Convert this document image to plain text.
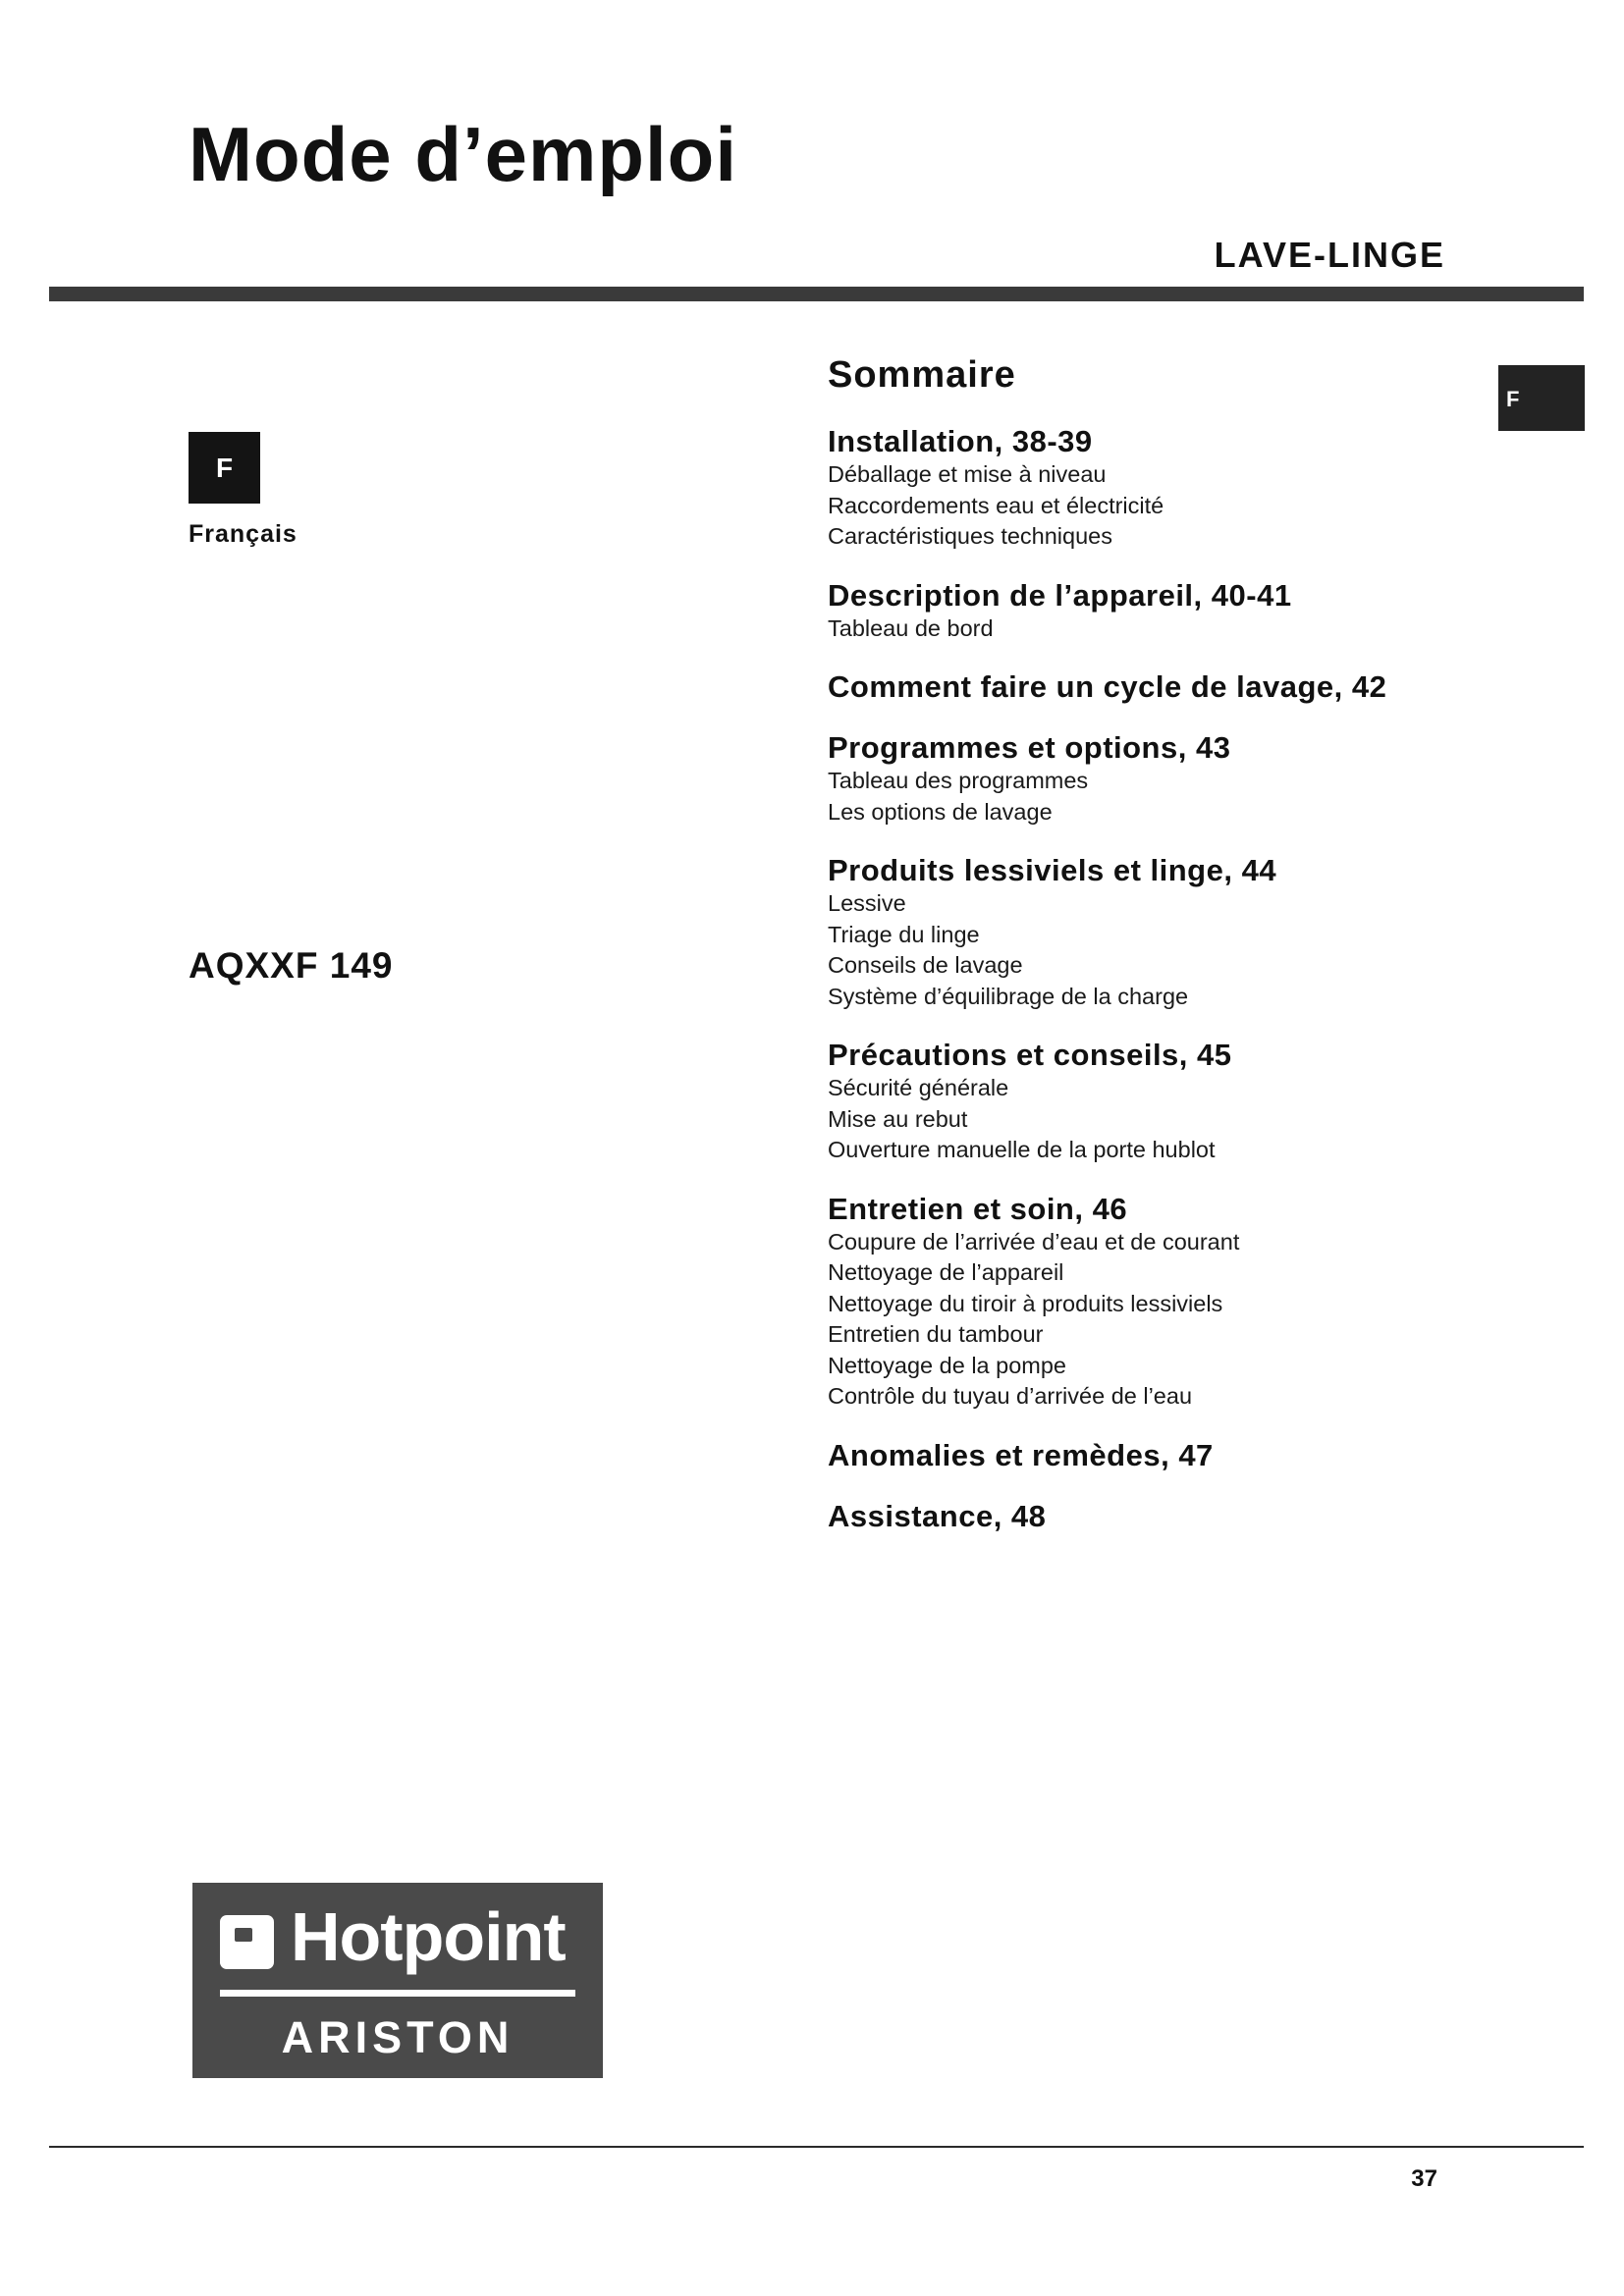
Mode d’emploi
LAVE-LINGE
F
Français
F
AQXXF 149
Sommaire
Installation, 38-39
Déballage et mise à niveau
Raccordements eau et électricité
Caractéristiques techniques
Description de l’appareil, 40-41
Tableau de bord
Comment faire un cycle de lavage, 42
Programmes et options, 43
Tableau des programmes
Les options de lavage
Produits lessiviels et linge, 44
Lessive
Triage du linge
Conseils de lavage
Système d’équilibrage de la charge
Précautions et conseils, 45
Sécurité générale
Mise au rebut
Ouverture manuelle de la porte hublot
Entretien et soin, 46
Coupure de l’arrivée d’eau et de courant
Nettoyage de l’appareil
Nettoyage du tiroir à produits lessiviels
Entretien du tambour
Nettoyage de la pompe
Contrôle du tuyau d’arrivée de l’eau
Anomalies et remèdes, 47
Assistance, 48
Hotpoint
ARISTON
37
